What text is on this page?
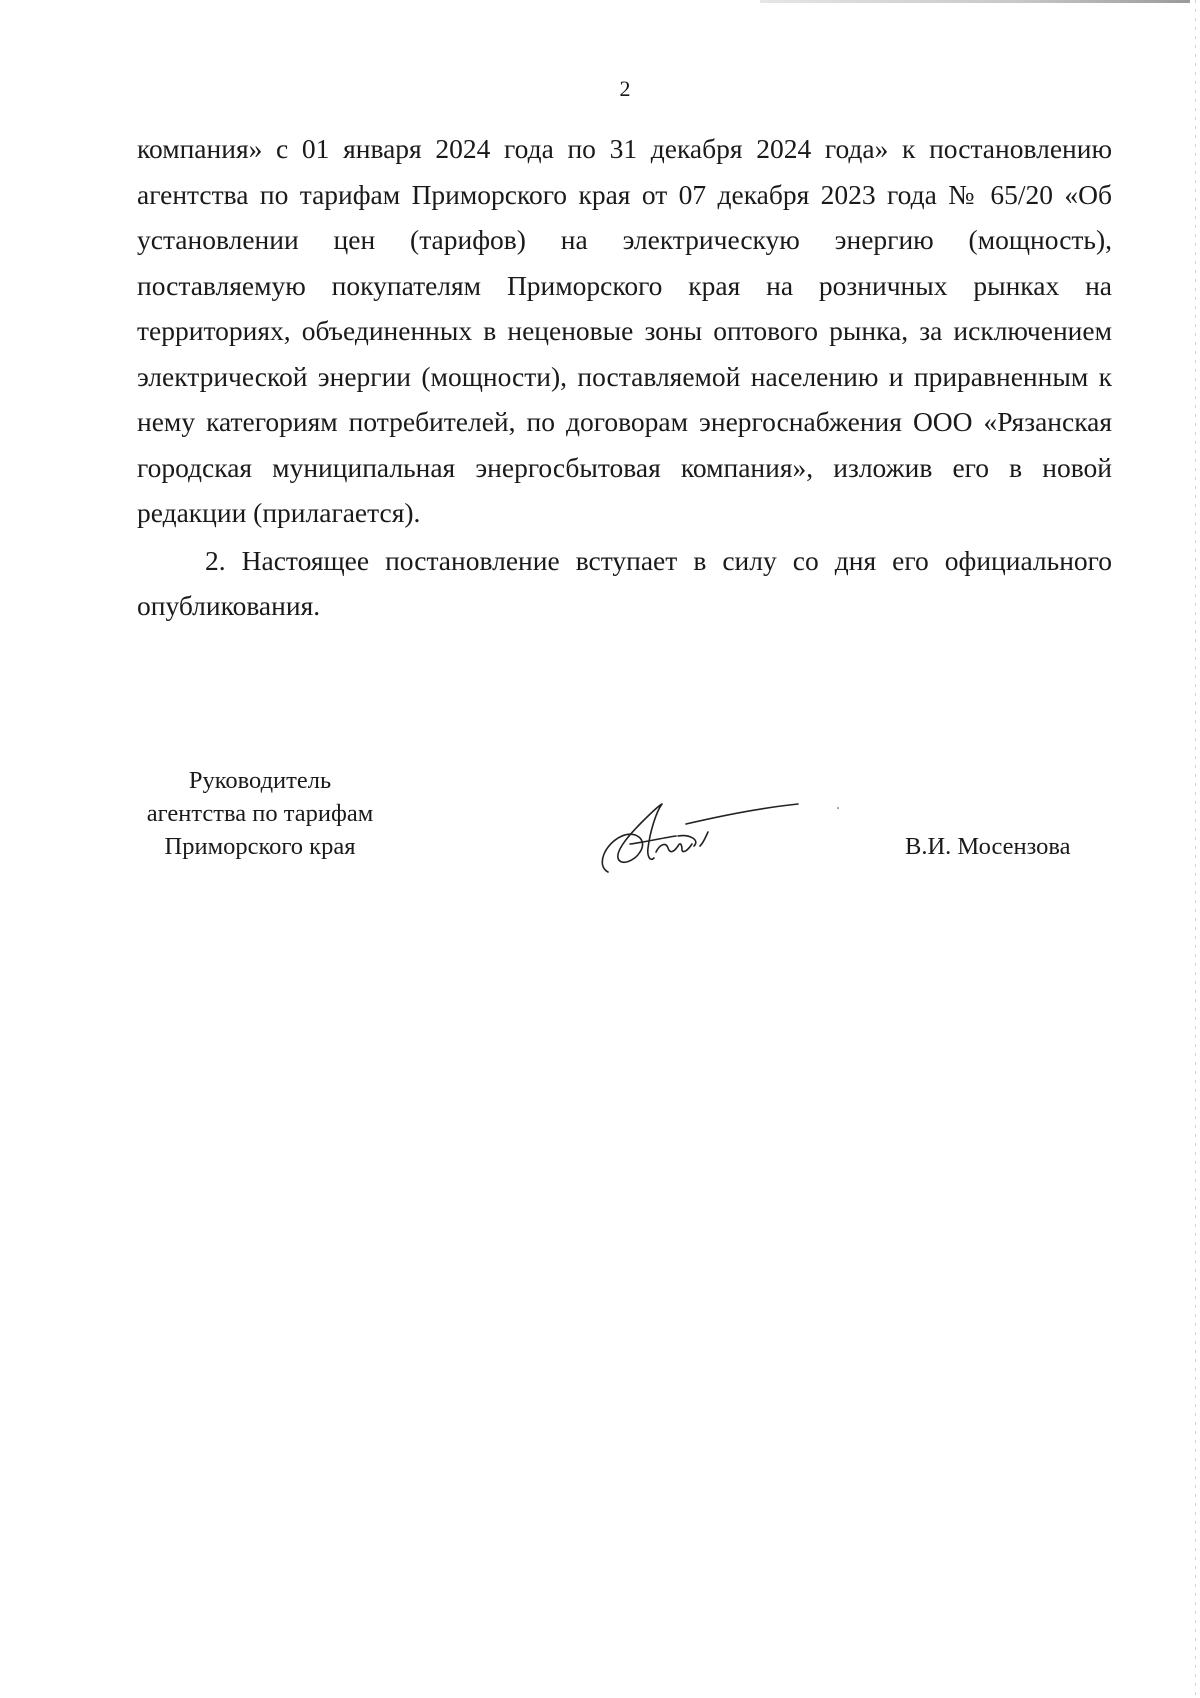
2

компания» с 01 января 2024 года по 31 декабря 2024 года» к постановлению агентства по тарифам Приморского края от 07 декабря 2023 года № 65/20 «Об установлении цен (тарифов) на электрическую энергию (мощность), поставляемую покупателям Приморского края на розничных рынках на территориях, объединенных в неценовые зоны оптового рынка, за исключением электрической энергии (мощности), поставляемой населению и приравненным к нему категориям потребителей, по договорам энергоснабжения ООО «Рязанская городская муниципальная энергосбытовая компания», изложив его в новой редакции (прилагается).

2. Настоящее постановление вступает в силу со дня его официального опубликования.

Руководитель
агентства по тарифам
Приморского края	В.И. Мосензова
